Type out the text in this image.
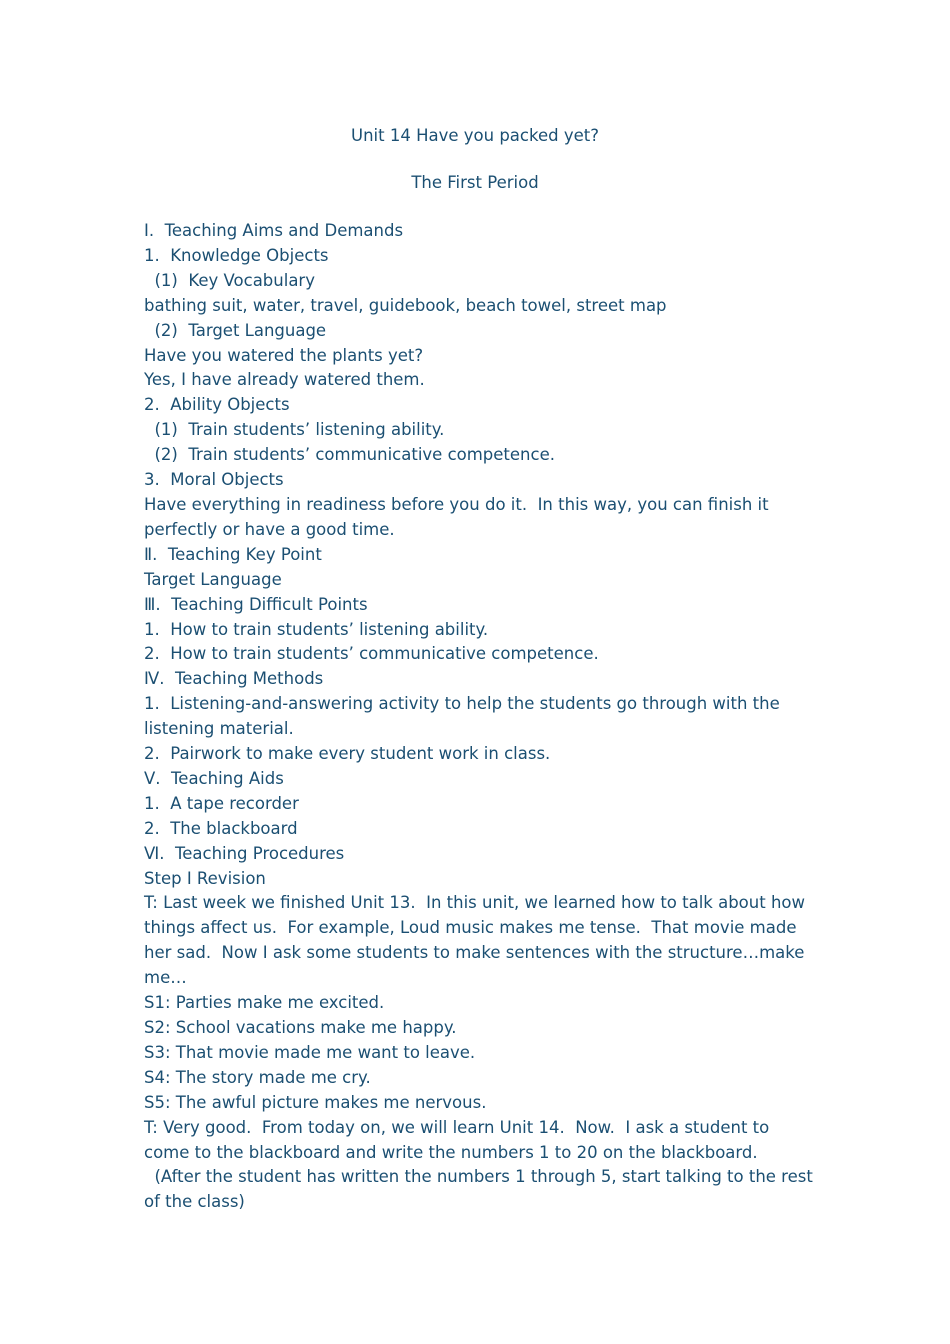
Unit 14 Have you packed yet?
The First Period

Ⅰ.  Teaching Aims and Demands

1.  Knowledge Objects

(1)  Key Vocabulary

bathing suit, water, travel, guidebook, beach towel, street map

(2)  Target Language

Have you watered the plants yet?

Yes, I have already watered them.

2.  Ability Objects

(1)  Train students’ listening ability.

(2)  Train students’ communicative competence.

3.  Moral Objects

Have everything in readiness before you do it.  In this way, you can finish it perfectly or have a good time.

Ⅱ.  Teaching Key Point

Target Language

Ⅲ.  Teaching Difficult Points

1.  How to train students’ listening ability.

2.  How to train students’ communicative competence.

Ⅳ.  Teaching Methods

1.  Listening-and-answering activity to help the students go through with the listening material.

2.  Pairwork to make every student work in class.

Ⅴ.  Teaching Aids

1.  A tape recorder

2.  The blackboard

Ⅵ.  Teaching Procedures

Step I Revision

T: Last week we finished Unit 13.  In this unit, we learned how to talk about how things affect us.  For example, Loud music makes me tense.  That movie made her sad.  Now I ask some students to make sentences with the structure…make me…

S1: Parties make me excited.

S2: School vacations make me happy.

S3: That movie made me want to leave.

S4: The story made me cry.

S5: The awful picture makes me nervous.

T: Very good.  From today on, we will learn Unit 14.  Now.  I ask a student to come to the blackboard and write the numbers 1 to 20 on the blackboard.

(After the student has written the numbers 1 through 5, start talking to the rest of the class)
